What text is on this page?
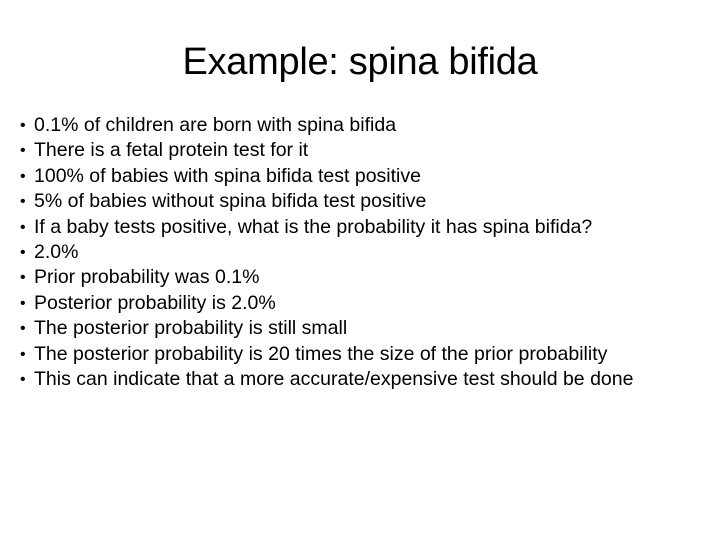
Example: spina bifida
• 0.1% of children are born with spina bifida
• There is a fetal protein test for it
• 100% of babies with spina bifida test positive
• 5% of babies without spina bifida test positive
• If a baby tests positive, what is the probability it has spina bifida?
• 2.0%
• Prior probability was 0.1%
• Posterior probability is 2.0%
• The posterior probability is still small
• The posterior probability is 20 times the size of the prior probability
• This can indicate that a more accurate/expensive test should be done
